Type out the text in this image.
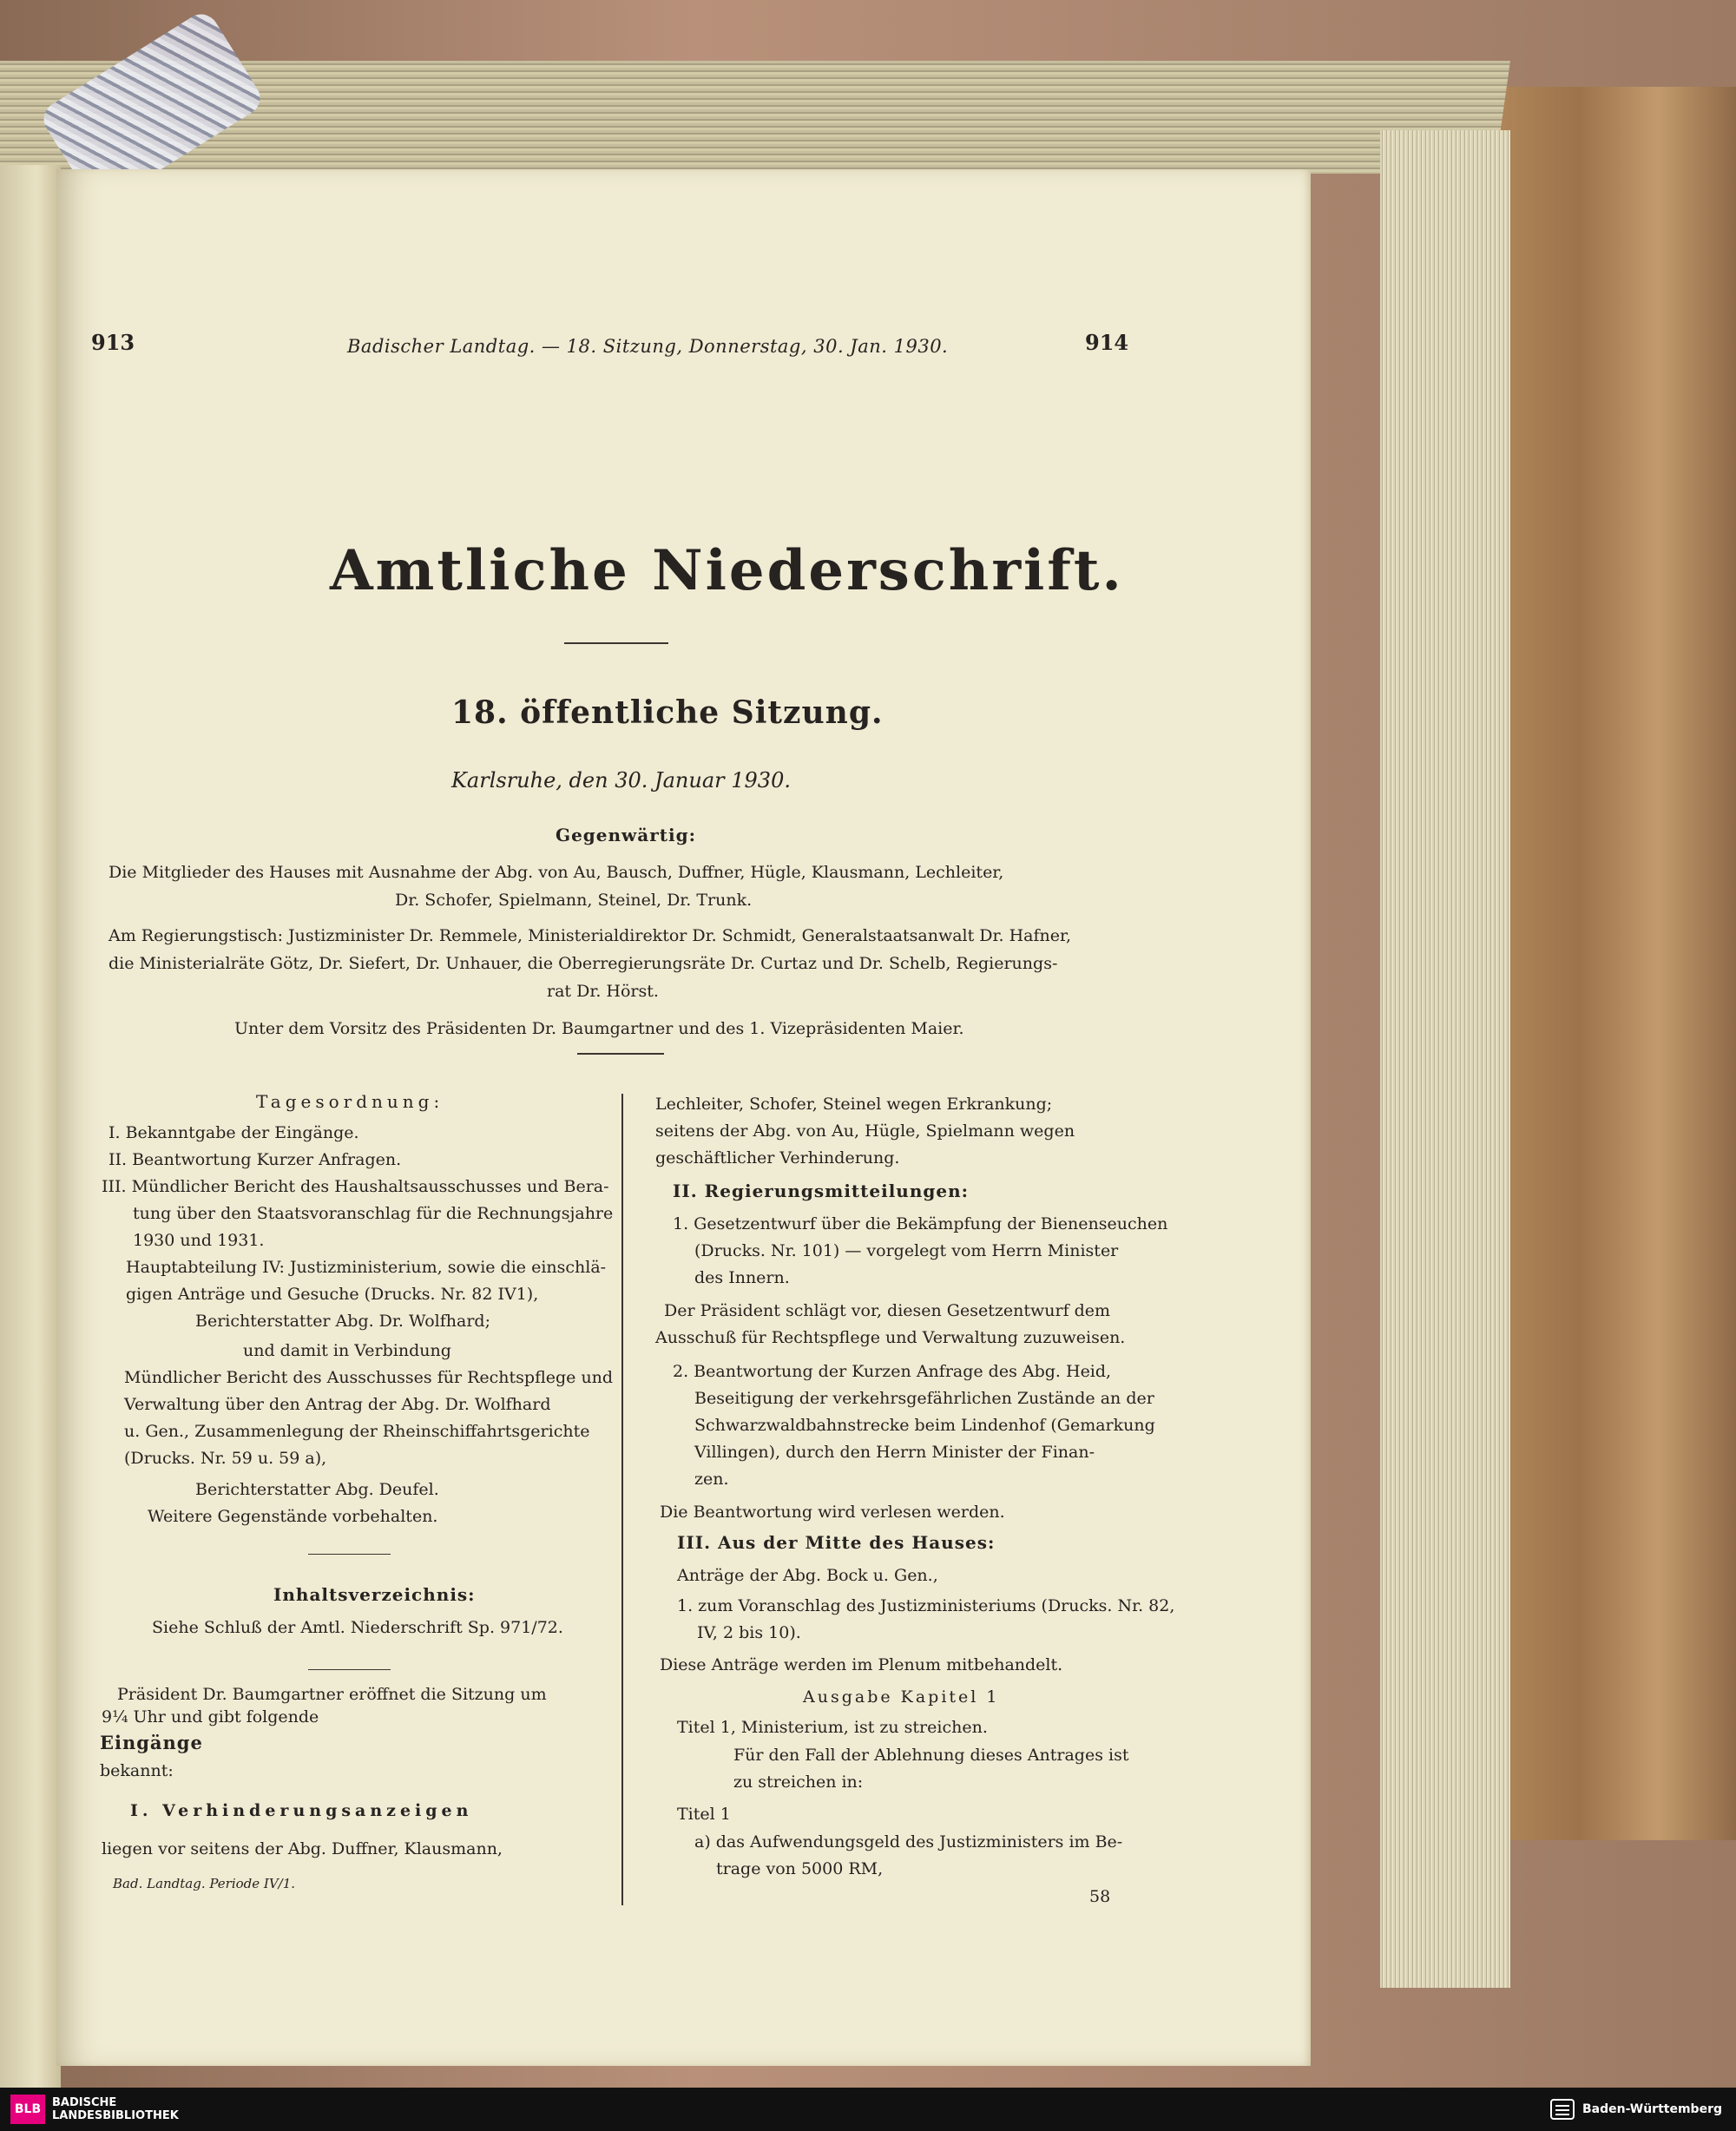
913	Badischer Landtag. — 18. Sitzung, Donnerstag, 30. Jan. 1930.	914
Amtliche Niederschrift.
18. öffentliche Sitzung.
Karlsruhe, den 30. Januar 1930.
Gegenwärtig:
Die Mitglieder des Hauses mit Ausnahme der Abg. von Au, Bausch, Duffner, Hügle, Klausmann, Lechleiter,
Dr. Schofer, Spielmann, Steinel, Dr. Trunk.
Am Regierungstisch: Justizminister Dr. Remmele, Ministerialdirektor Dr. Schmidt, Generalstaatsanwalt Dr. Hafner,
die Ministerialräte Götz, Dr. Siefert, Dr. Unhauer, die Oberregierungsräte Dr. Curtaz und Dr. Schelb, Regierungs-
rat Dr. Hörst.
Unter dem Vorsitz des Präsidenten Dr. Baumgartner und des 1. Vizepräsidenten Maier.
Tagesordnung:
I. Bekanntgabe der Eingänge.
II. Beantwortung Kurzer Anfragen.
III. Mündlicher Bericht des Haushaltsausschusses und Bera-
tung über den Staatsvoranschlag für die Rechnungsjahre
1930 und 1931.
Hauptabteilung IV: Justizministerium, sowie die einschlä-
gigen Anträge und Gesuche (Drucks. Nr. 82 IV1),
Berichterstatter Abg. Dr. Wolfhard;
und damit in Verbindung
Mündlicher Bericht des Ausschusses für Rechtspflege und
Verwaltung über den Antrag der Abg. Dr. Wolfhard
u. Gen., Zusammenlegung der Rheinschiffahrtsgerichte
(Drucks. Nr. 59 u. 59 a),
Berichterstatter Abg. Deufel.
Weitere Gegenstände vorbehalten.
Inhaltsverzeichnis:
Siehe Schluß der Amtl. Niederschrift Sp. 971/72.
Präsident Dr. Baumgartner eröffnet die Sitzung um
9¼ Uhr und gibt folgende
Eingänge
bekannt:
I. Verhinderungsanzeigen
liegen vor seitens der Abg. Duffner, Klausmann,
Bad. Landtag. Periode IV/1.
Lechleiter, Schofer, Steinel wegen Erkrankung;
seitens der Abg. von Au, Hügle, Spielmann wegen
geschäftlicher Verhinderung.
II. Regierungsmitteilungen:
1. Gesetzentwurf über die Bekämpfung der Bienenseuchen
(Drucks. Nr. 101) — vorgelegt vom Herrn Minister
des Innern.
Der Präsident schlägt vor, diesen Gesetzentwurf dem
Ausschuß für Rechtspflege und Verwaltung zuzuweisen.
2. Beantwortung der Kurzen Anfrage des Abg. Heid,
Beseitigung der verkehrsgefährlichen Zustände an der
Schwarzwaldbahnstrecke beim Lindenhof (Gemarkung
Villingen), durch den Herrn Minister der Finan-
zen.
Die Beantwortung wird verlesen werden.
III. Aus der Mitte des Hauses:
Anträge der Abg. Bock u. Gen.,
1. zum Voranschlag des Justizministeriums (Drucks. Nr. 82,
IV, 2 bis 10).
Diese Anträge werden im Plenum mitbehandelt.
Ausgabe Kapitel 1
Titel 1, Ministerium, ist zu streichen.
Für den Fall der Ablehnung dieses Antrages ist
zu streichen in:
Titel 1
a) das Aufwendungsgeld des Justizministers im Be-
trage von 5000 RM,
58
BLB BADISCHE
LANDESBIBLIOTHEK	Baden-Württemberg
